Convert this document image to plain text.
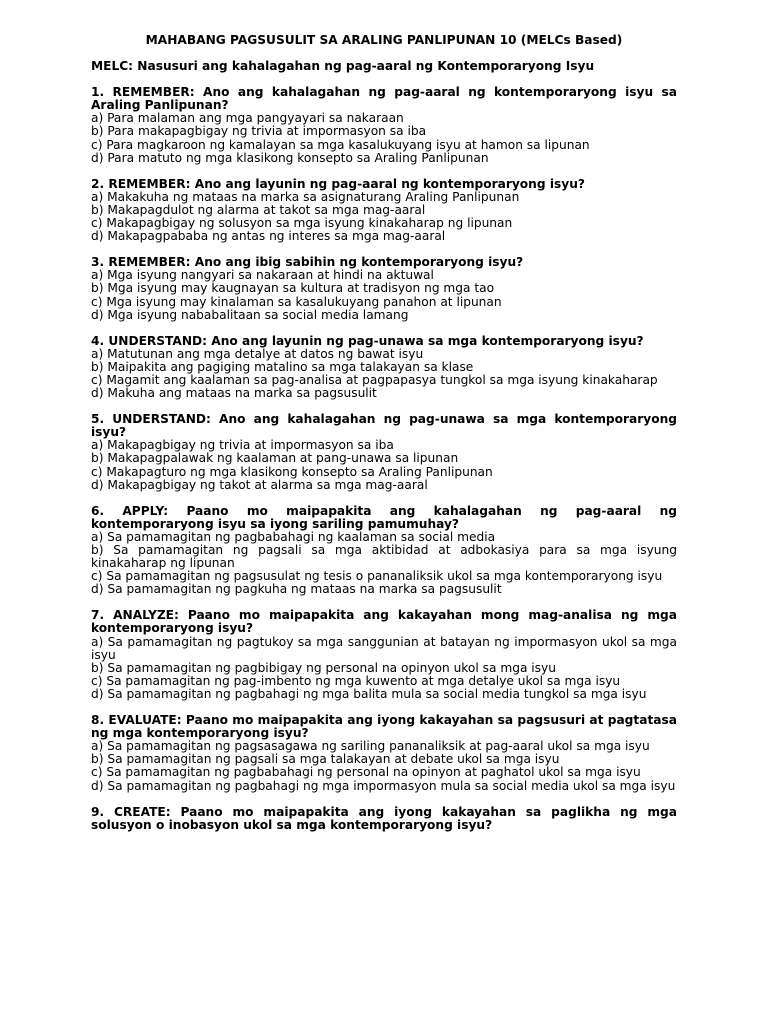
MAHABANG PAGSUSULIT SA ARALING PANLIPUNAN 10 (MELCs Based)
MELC: Nasusuri ang kahalagahan ng pag-aaral ng Kontemporaryong Isyu
1. REMEMBER: Ano ang kahalagahan ng pag-aaral ng kontemporaryong isyu sa Araling Panlipunan?
a) Para malaman ang mga pangyayari sa nakaraan
b) Para makapagbigay ng trivia at impormasyon sa iba
c) Para magkaroon ng kamalayan sa mga kasalukuyang isyu at hamon sa lipunan
d) Para matuto ng mga klasikong konsepto sa Araling Panlipunan
2. REMEMBER: Ano ang layunin ng pag-aaral ng kontemporaryong isyu?
a) Makakuha ng mataas na marka sa asignaturang Araling Panlipunan
b) Makapagdulot ng alarma at takot sa mga mag-aaral
c) Makapagbigay ng solusyon sa mga isyung kinakaharap ng lipunan
d) Makapagpababa ng antas ng interes sa mga mag-aaral
3. REMEMBER: Ano ang ibig sabihin ng kontemporaryong isyu?
a) Mga isyung nangyari sa nakaraan at hindi na aktuwal
b) Mga isyung may kaugnayan sa kultura at tradisyon ng mga tao
c) Mga isyung may kinalaman sa kasalukuyang panahon at lipunan
d) Mga isyung nababalitaan sa social media lamang
4. UNDERSTAND: Ano ang layunin ng pag-unawa sa mga kontemporaryong isyu?
a) Matutunan ang mga detalye at datos ng bawat isyu
b) Maipakita ang pagiging matalino sa mga talakayan sa klase
c) Magamit ang kaalaman sa pag-analisa at pagpapasya tungkol sa mga isyung kinakaharap
d) Makuha ang mataas na marka sa pagsusulit
5. UNDERSTAND: Ano ang kahalagahan ng pag-unawa sa mga kontemporaryong isyu?
a) Makapagbigay ng trivia at impormasyon sa iba
b) Makapagpalawak ng kaalaman at pang-unawa sa lipunan
c) Makapagturo ng mga klasikong konsepto sa Araling Panlipunan
d) Makapagbigay ng takot at alarma sa mga mag-aaral
6. APPLY: Paano mo maipapakita ang kahalagahan ng pag-aaral ng kontemporaryong isyu sa iyong sariling pamumuhay?
a) Sa pamamagitan ng pagbabahagi ng kaalaman sa social media
b) Sa pamamagitan ng pagsali sa mga aktibidad at adbokasiya para sa mga isyung kinakaharap ng lipunan
c) Sa pamamagitan ng pagsusulat ng tesis o pananaliksik ukol sa mga kontemporaryong isyu
d) Sa pamamagitan ng pagkuha ng mataas na marka sa pagsusulit
7. ANALYZE: Paano mo maipapakita ang kakayahan mong mag-analisa ng mga kontemporaryong isyu?
a) Sa pamamagitan ng pagtukoy sa mga sanggunian at batayan ng impormasyon ukol sa mga isyu
b) Sa pamamagitan ng pagbibigay ng personal na opinyon ukol sa mga isyu
c) Sa pamamagitan ng pag-imbento ng mga kuwento at mga detalye ukol sa mga isyu
d) Sa pamamagitan ng pagbahagi ng mga balita mula sa social media tungkol sa mga isyu
8. EVALUATE: Paano mo maipapakita ang iyong kakayahan sa pagsusuri at pagtatasa ng mga kontemporaryong isyu?
a) Sa pamamagitan ng pagsasagawa ng sariling pananaliksik at pag-aaral ukol sa mga isyu
b) Sa pamamagitan ng pagsali sa mga talakayan at debate ukol sa mga isyu
c) Sa pamamagitan ng pagbabahagi ng personal na opinyon at paghatol ukol sa mga isyu
d) Sa pamamagitan ng pagbahagi ng mga impormasyon mula sa social media ukol sa mga isyu
9. CREATE: Paano mo maipapakita ang iyong kakayahan sa paglikha ng mga solusyon o inobasyon ukol sa mga kontemporaryong isyu?
